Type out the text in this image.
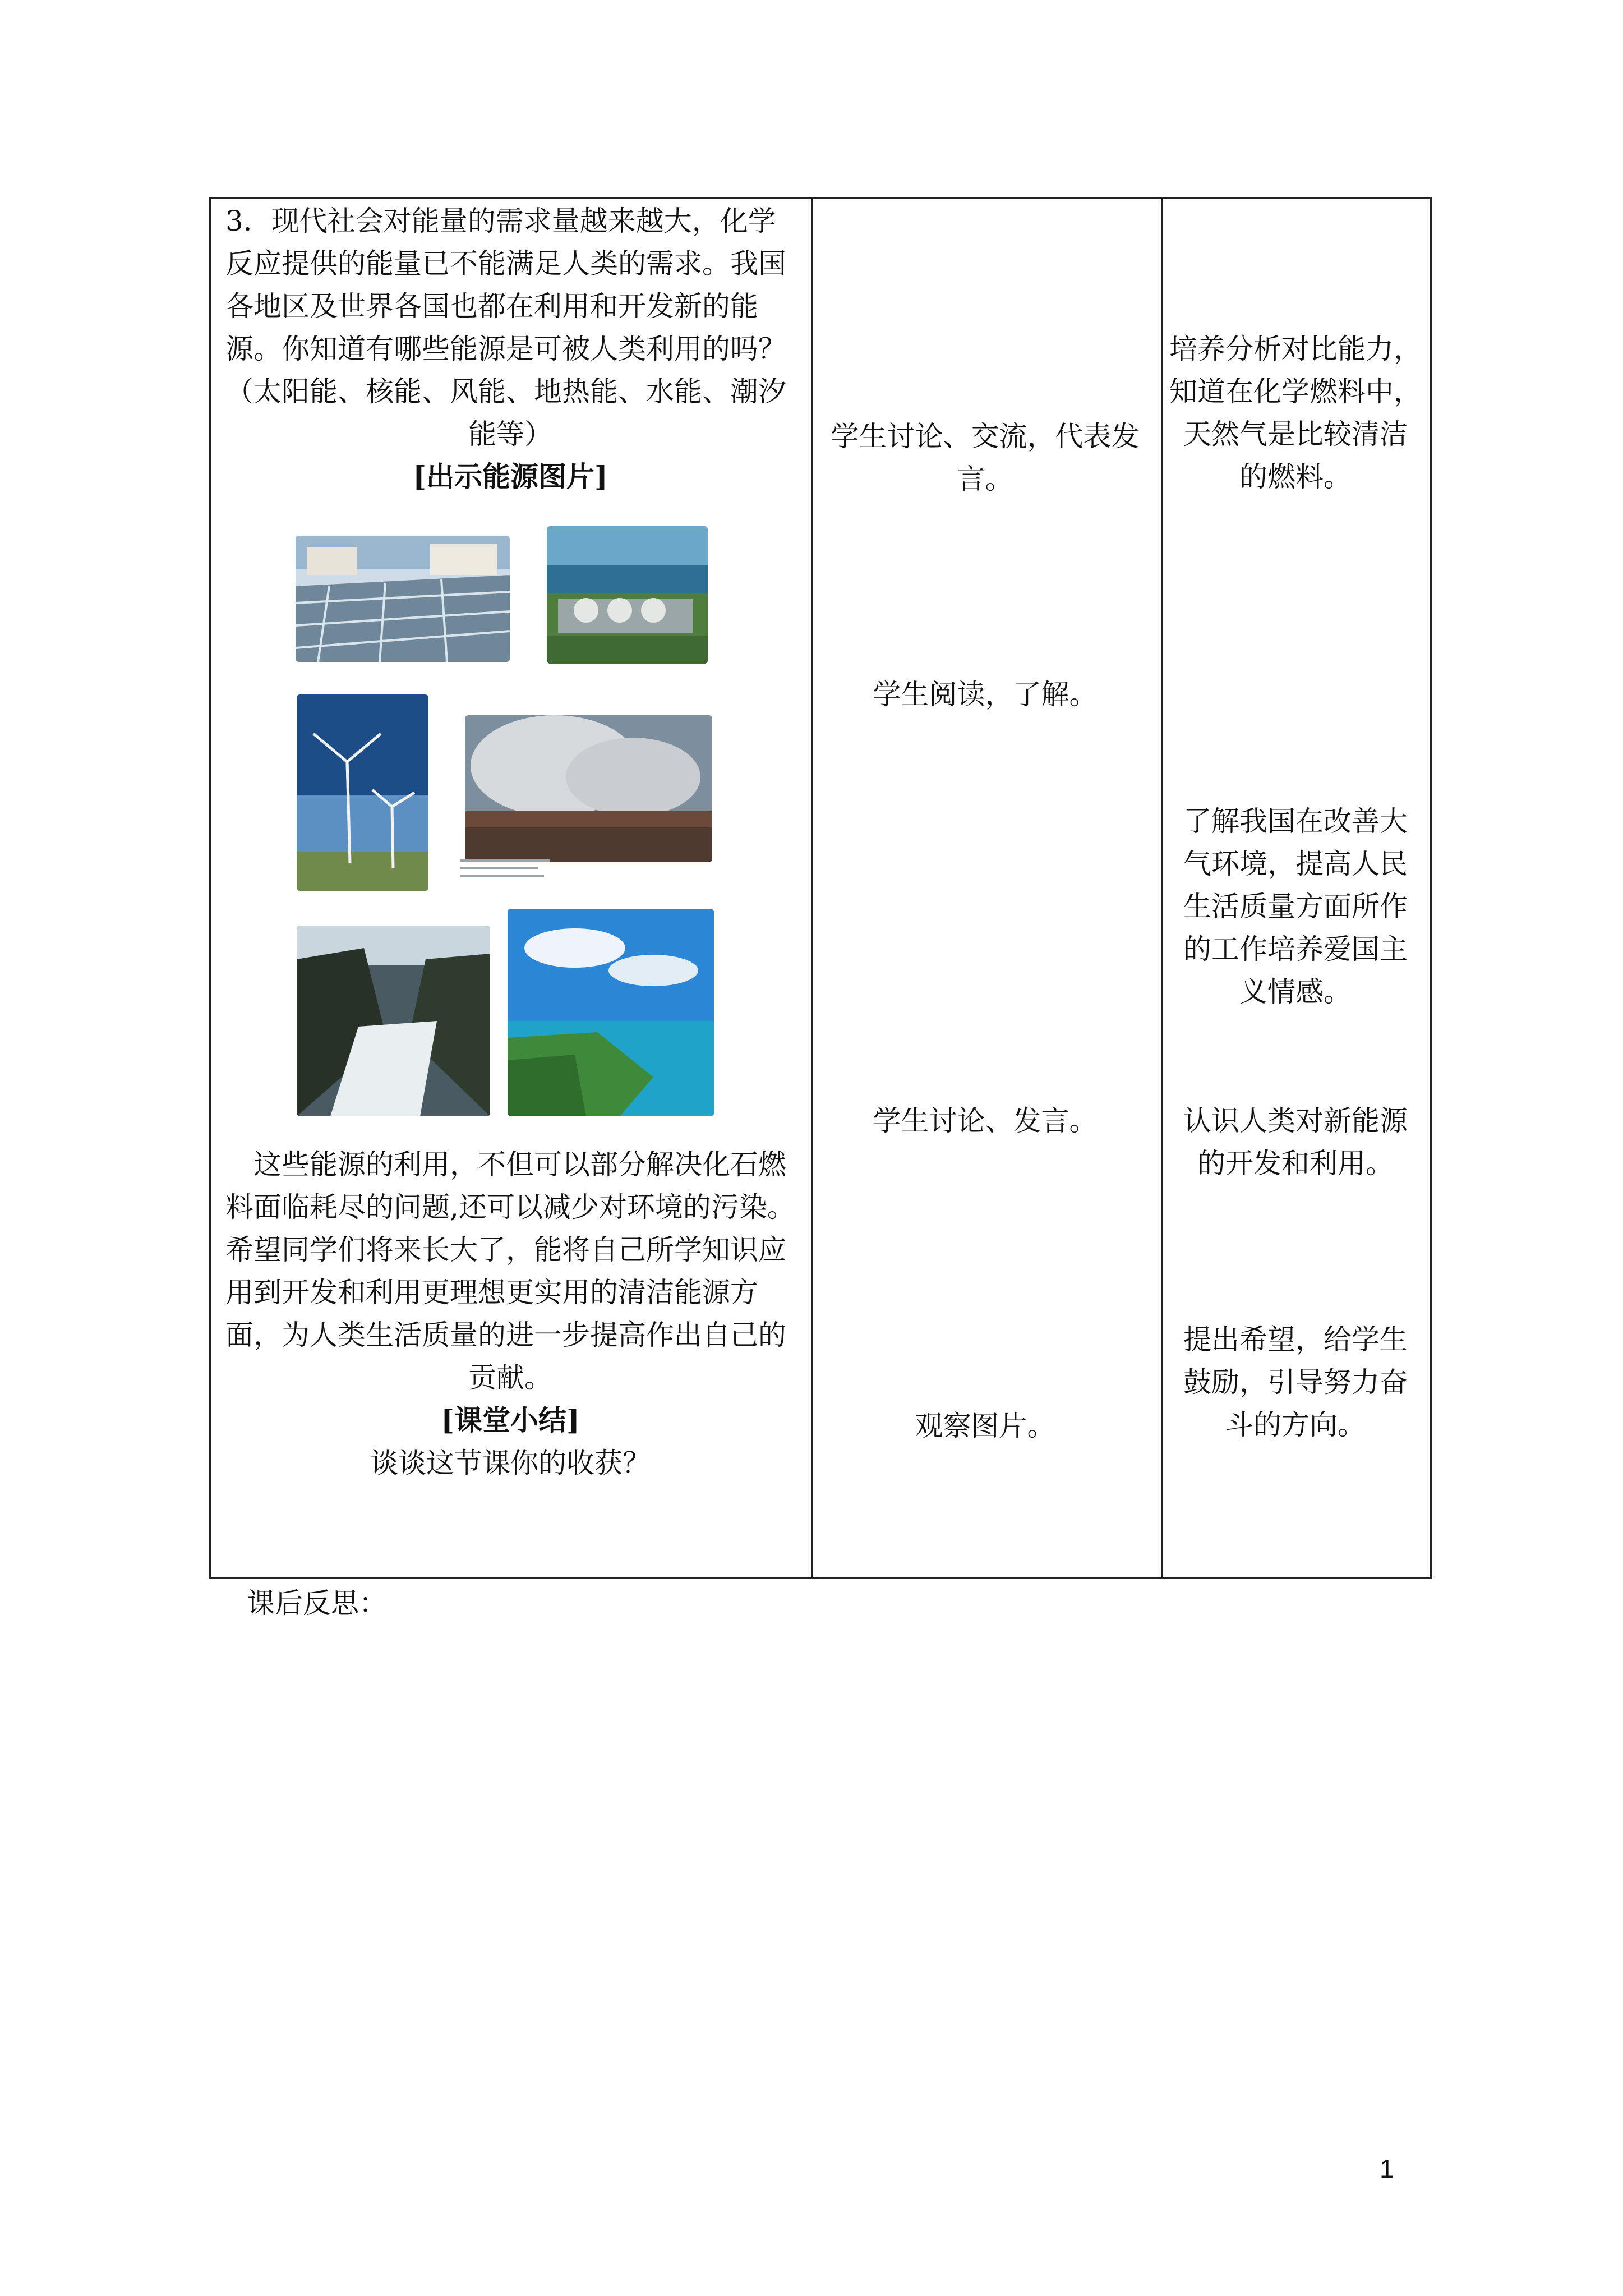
3．现代社会对能量的需求量越来越大，化学
反应提供的能量已不能满足人类的需求。我国
各地区及世界各国也都在利用和开发新的能
源。你知道有哪些能源是可被人类利用的吗？
（太阳能、核能、风能、地热能、水能、潮汐
能等）
[出示能源图片]
这些能源的利用，不但可以部分解决化石燃
料面临耗尽的问题,还可以减少对环境的污染。
希望同学们将来长大了，能将自己所学知识应
用到开发和利用更理想更实用的清洁能源方
面，为人类生活质量的进一步提高作出自己的
贡献。
[课堂小结]
谈谈这节课你的收获？
学生讨论、交流，代表发
言。
学生阅读，了解。
学生讨论、发言。
观察图片。
培养分析对比能力，
知道在化学燃料中，
天然气是比较清洁
的燃料。
了解我国在改善大
气环境，提高人民
生活质量方面所作
的工作培养爱国主
义情感。
认识人类对新能源
的开发和利用。
提出希望，给学生
鼓励，引导努力奋
斗的方向。
课后反思：
1
